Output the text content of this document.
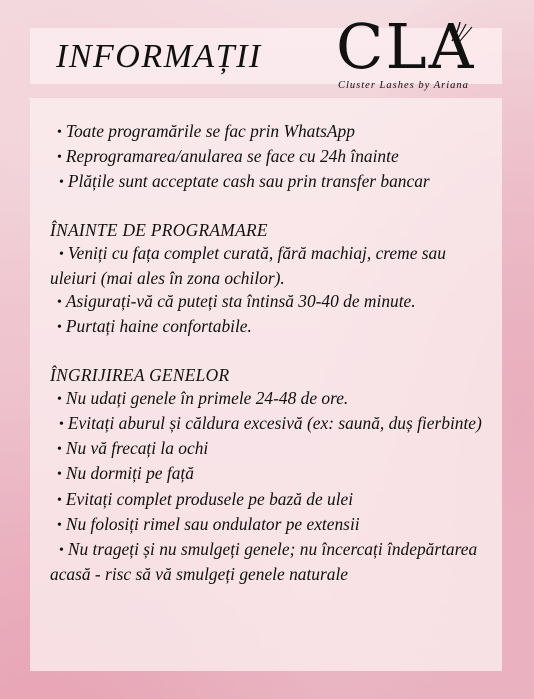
INFORMAȚII CLA
Cluster Lashes by Ariana

• Toate programările se fac prin WhatsApp

• Reprogramarea/anularea se face cu 24h înainte

• Plățile sunt acceptate cash sau prin transfer bancar

ÎNAINTE DE PROGRAMARE

• Veniți cu fața complet curată, fără machiaj, creme sau uleiuri (mai ales în zona ochilor).

• Asigurați-vă că puteți sta întinsă 30-40 de minute.

• Purtați haine confortabile.

ÎNGRIJIREA GENELOR

• Nu udați genele în primele 24-48 de ore.

• Evitați aburul și căldura excesivă (ex: saună, duș fierbinte)

• Nu vă frecați la ochi

• Nu dormiți pe față

• Evitați complet produsele pe bază de ulei

• Nu folosiți rimel sau ondulator pe extensii

• Nu trageți și nu smulgeți genele; nu încercați îndepărtarea acasă - risc să vă smulgeți genele naturale
